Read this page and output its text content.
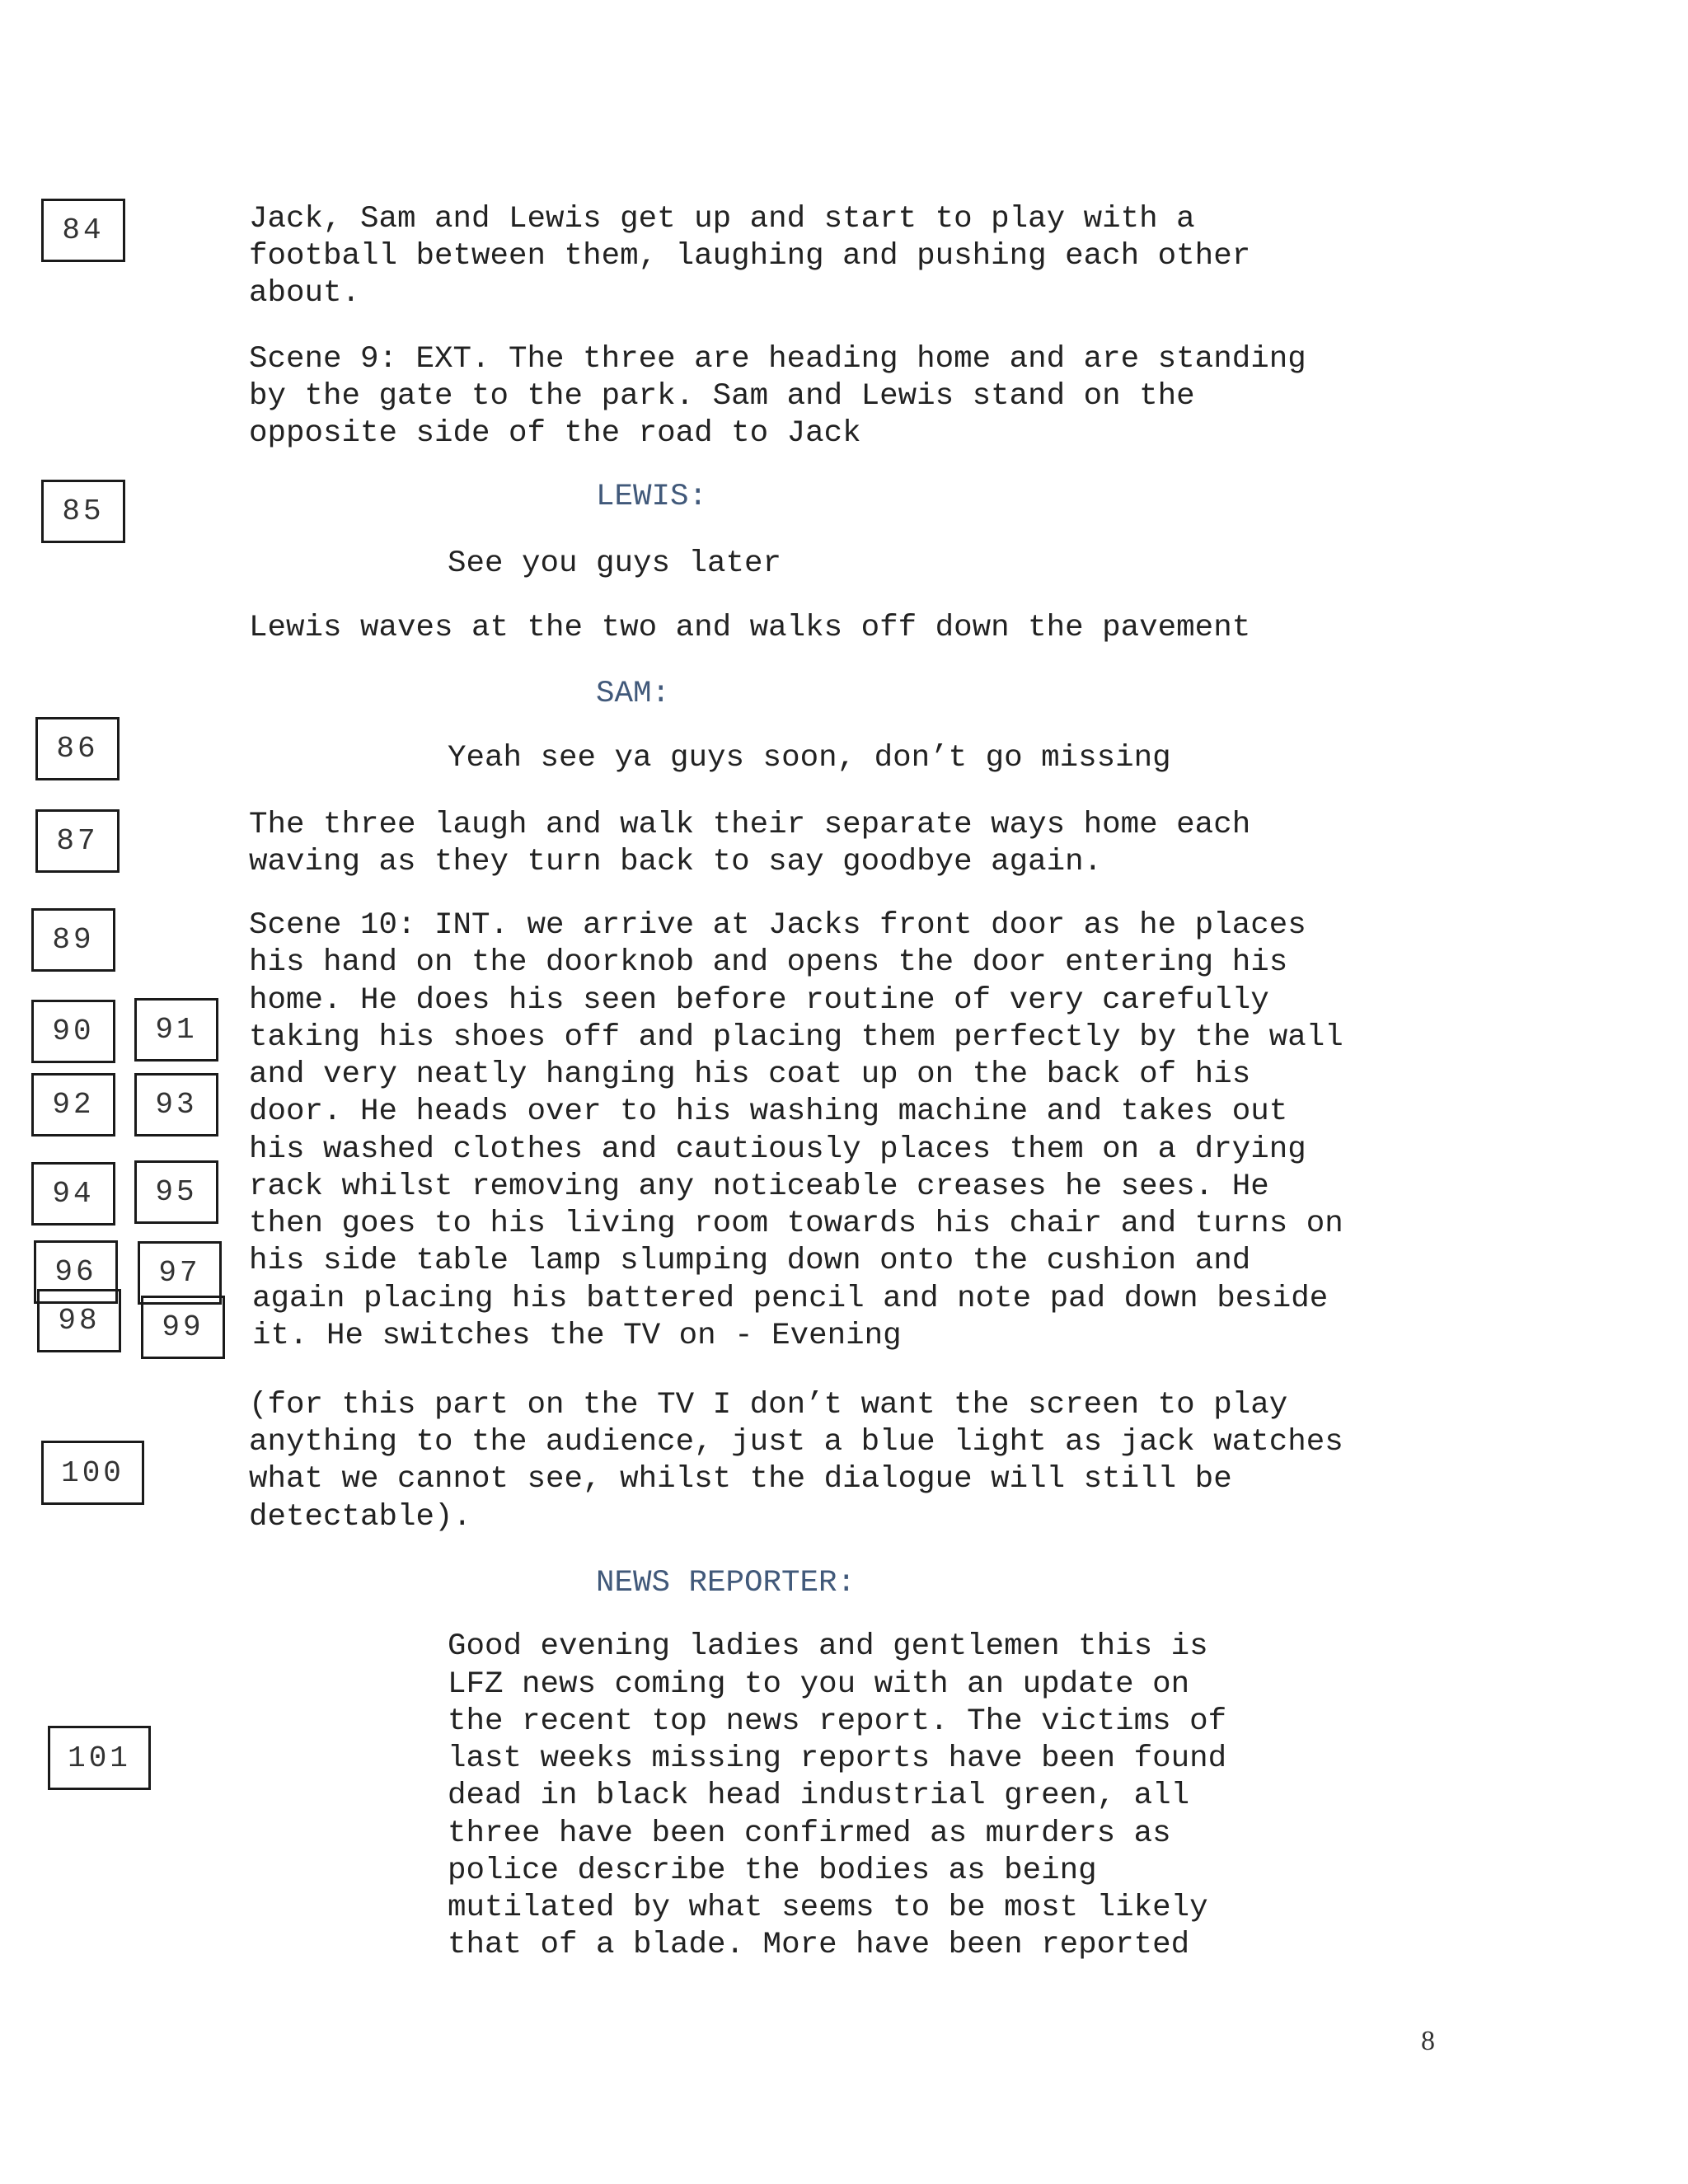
84
85
86
87
89
90	91
92	93
94	95
96	97
98	99
100
101
Jack, Sam and Lewis get up and start to play with a
football between them, laughing and pushing each other
about.
Scene 9: EXT. The three are heading home and are standing
by the gate to the park. Sam and Lewis stand on the
opposite side of the road to Jack
LEWIS:
See you guys later
Lewis waves at the two and walks off down the pavement
SAM:
Yeah see ya guys soon, don’t go missing
The three laugh and walk their separate ways home each
waving as they turn back to say goodbye again.
Scene 10: INT. we arrive at Jacks front door as he places
his hand on the doorknob and opens the door entering his
home. He does his seen before routine of very carefully
taking his shoes off and placing them perfectly by the wall
and very neatly hanging his coat up on the back of his
door. He heads over to his washing machine and takes out
his washed clothes and cautiously places them on a drying
rack whilst removing any noticeable creases he sees. He
then goes to his living room towards his chair and turns on
his side table lamp slumping down onto the cushion and
again placing his battered pencil and note pad down beside
it. He switches the TV on - Evening
(for this part on the TV I don’t want the screen to play
anything to the audience, just a blue light as jack watches
what we cannot see, whilst the dialogue will still be
detectable).
NEWS REPORTER:
Good evening ladies and gentlemen this is
LFZ news coming to you with an update on
the recent top news report. The victims of
last weeks missing reports have been found
dead in black head industrial green, all
three have been confirmed as murders as
police describe the bodies as being
mutilated by what seems to be most likely
that of a blade. More have been reported
8
